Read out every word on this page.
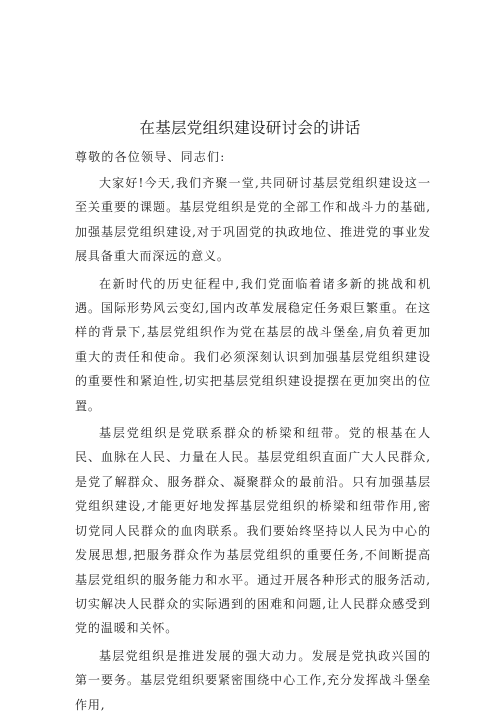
在基层党组织建设研讨会的讲话
尊敬的各位领导、同志们:

大家好!今天,我们齐聚一堂,共同研讨基层党组织建设这一至关重要的课题。基层党组织是党的全部工作和战斗力的基础,加强基层党组织建设,对于巩固党的执政地位、推进党的事业发展具备重大而深远的意义。

在新时代的历史征程中,我们党面临着诸多新的挑战和机遇。国际形势风云变幻,国内改革发展稳定任务艰巨繁重。在这样的背景下,基层党组织作为党在基层的战斗堡垒,肩负着更加重大的责任和使命。我们必须深刻认识到加强基层党组织建设的重要性和紧迫性,切实把基层党组织建设提摆在更加突出的位置。

基层党组织是党联系群众的桥梁和纽带。党的根基在人民、血脉在人民、力量在人民。基层党组织直面广大人民群众,是党了解群众、服务群众、凝聚群众的最前沿。只有加强基层党组织建设,才能更好地发挥基层党组织的桥梁和纽带作用,密切党同人民群众的血肉联系。我们要始终坚持以人民为中心的发展思想,把服务群众作为基层党组织的重要任务,不间断提高基层党组织的服务能力和水平。通过开展各种形式的服务活动,切实解决人民群众的实际遇到的困难和问题,让人民群众感受到党的温暖和关怀。

基层党组织是推进发展的强大动力。发展是党执政兴国的第一要务。基层党组织要紧密围绕中心工作,充分发挥战斗堡垒作用,
